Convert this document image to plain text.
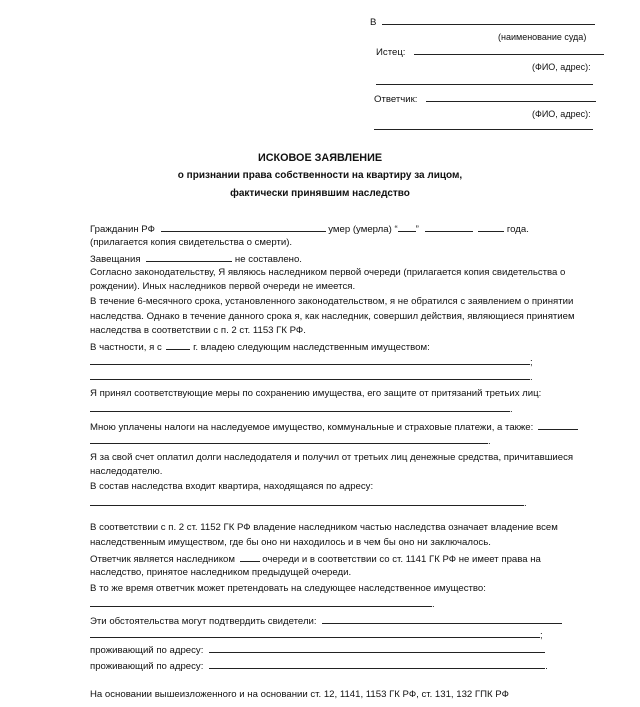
В
(наименование суда)
Истец:
(ФИО, адрес):
Ответчик:
(ФИО, адрес):
ИСКОВОЕ ЗАЯВЛЕНИЕ
о признании права собственности на квартиру за лицом,
фактически принявшим наследство
Гражданин РФ	умер (умерла) “ ”	года.
(прилагается копия свидетельства о смерти).
Завещания	не составлено.
Согласно законодательству, Я являюсь наследником первой очереди (прилагается копия свидетельства о
рождении). Иных наследников первой очереди не имеется.
В течение 6-месячного срока, установленного законодательством, я не обратился с заявлением о принятии
наследства. Однако в течение данного срока я, как наследник, совершил действия, являющиеся принятием
наследства в соответствии с п. 2 ст. 1153 ГК РФ.
В частности, я с	г. владею следующим наследственным имуществом:
;
.
Я принял соответствующие меры по сохранению имущества, его защите от притязаний третьих лиц:
.
Мною уплачены налоги на наследуемое имущество, коммунальные и страховые платежи, а также:
.
Я за свой счет оплатил долги наследодателя и получил от третьих лиц денежные средства, причитавшиеся
наследодателю.
В состав наследства входит квартира, находящаяся по адресу:
.
В соответствии с п. 2 ст. 1152 ГК РФ владение наследником частью наследства означает владение всем
наследственным имуществом, где бы оно ни находилось и в чем бы оно ни заключалось.
Ответчик является наследником	очереди и в соответствии со ст. 1141 ГК РФ не имеет права на
наследство, принятое наследником предыдущей очереди.
В то же время ответчик может претендовать на следующее наследственное имущество:
.
Эти обстоятельства могут подтвердить свидетели:
;
проживающий по адресу:
проживающий по адресу:	.
На основании вышеизложенного и на основании ст. 12, 1141, 1153 ГК РФ, ст. 131, 132 ГПК РФ
